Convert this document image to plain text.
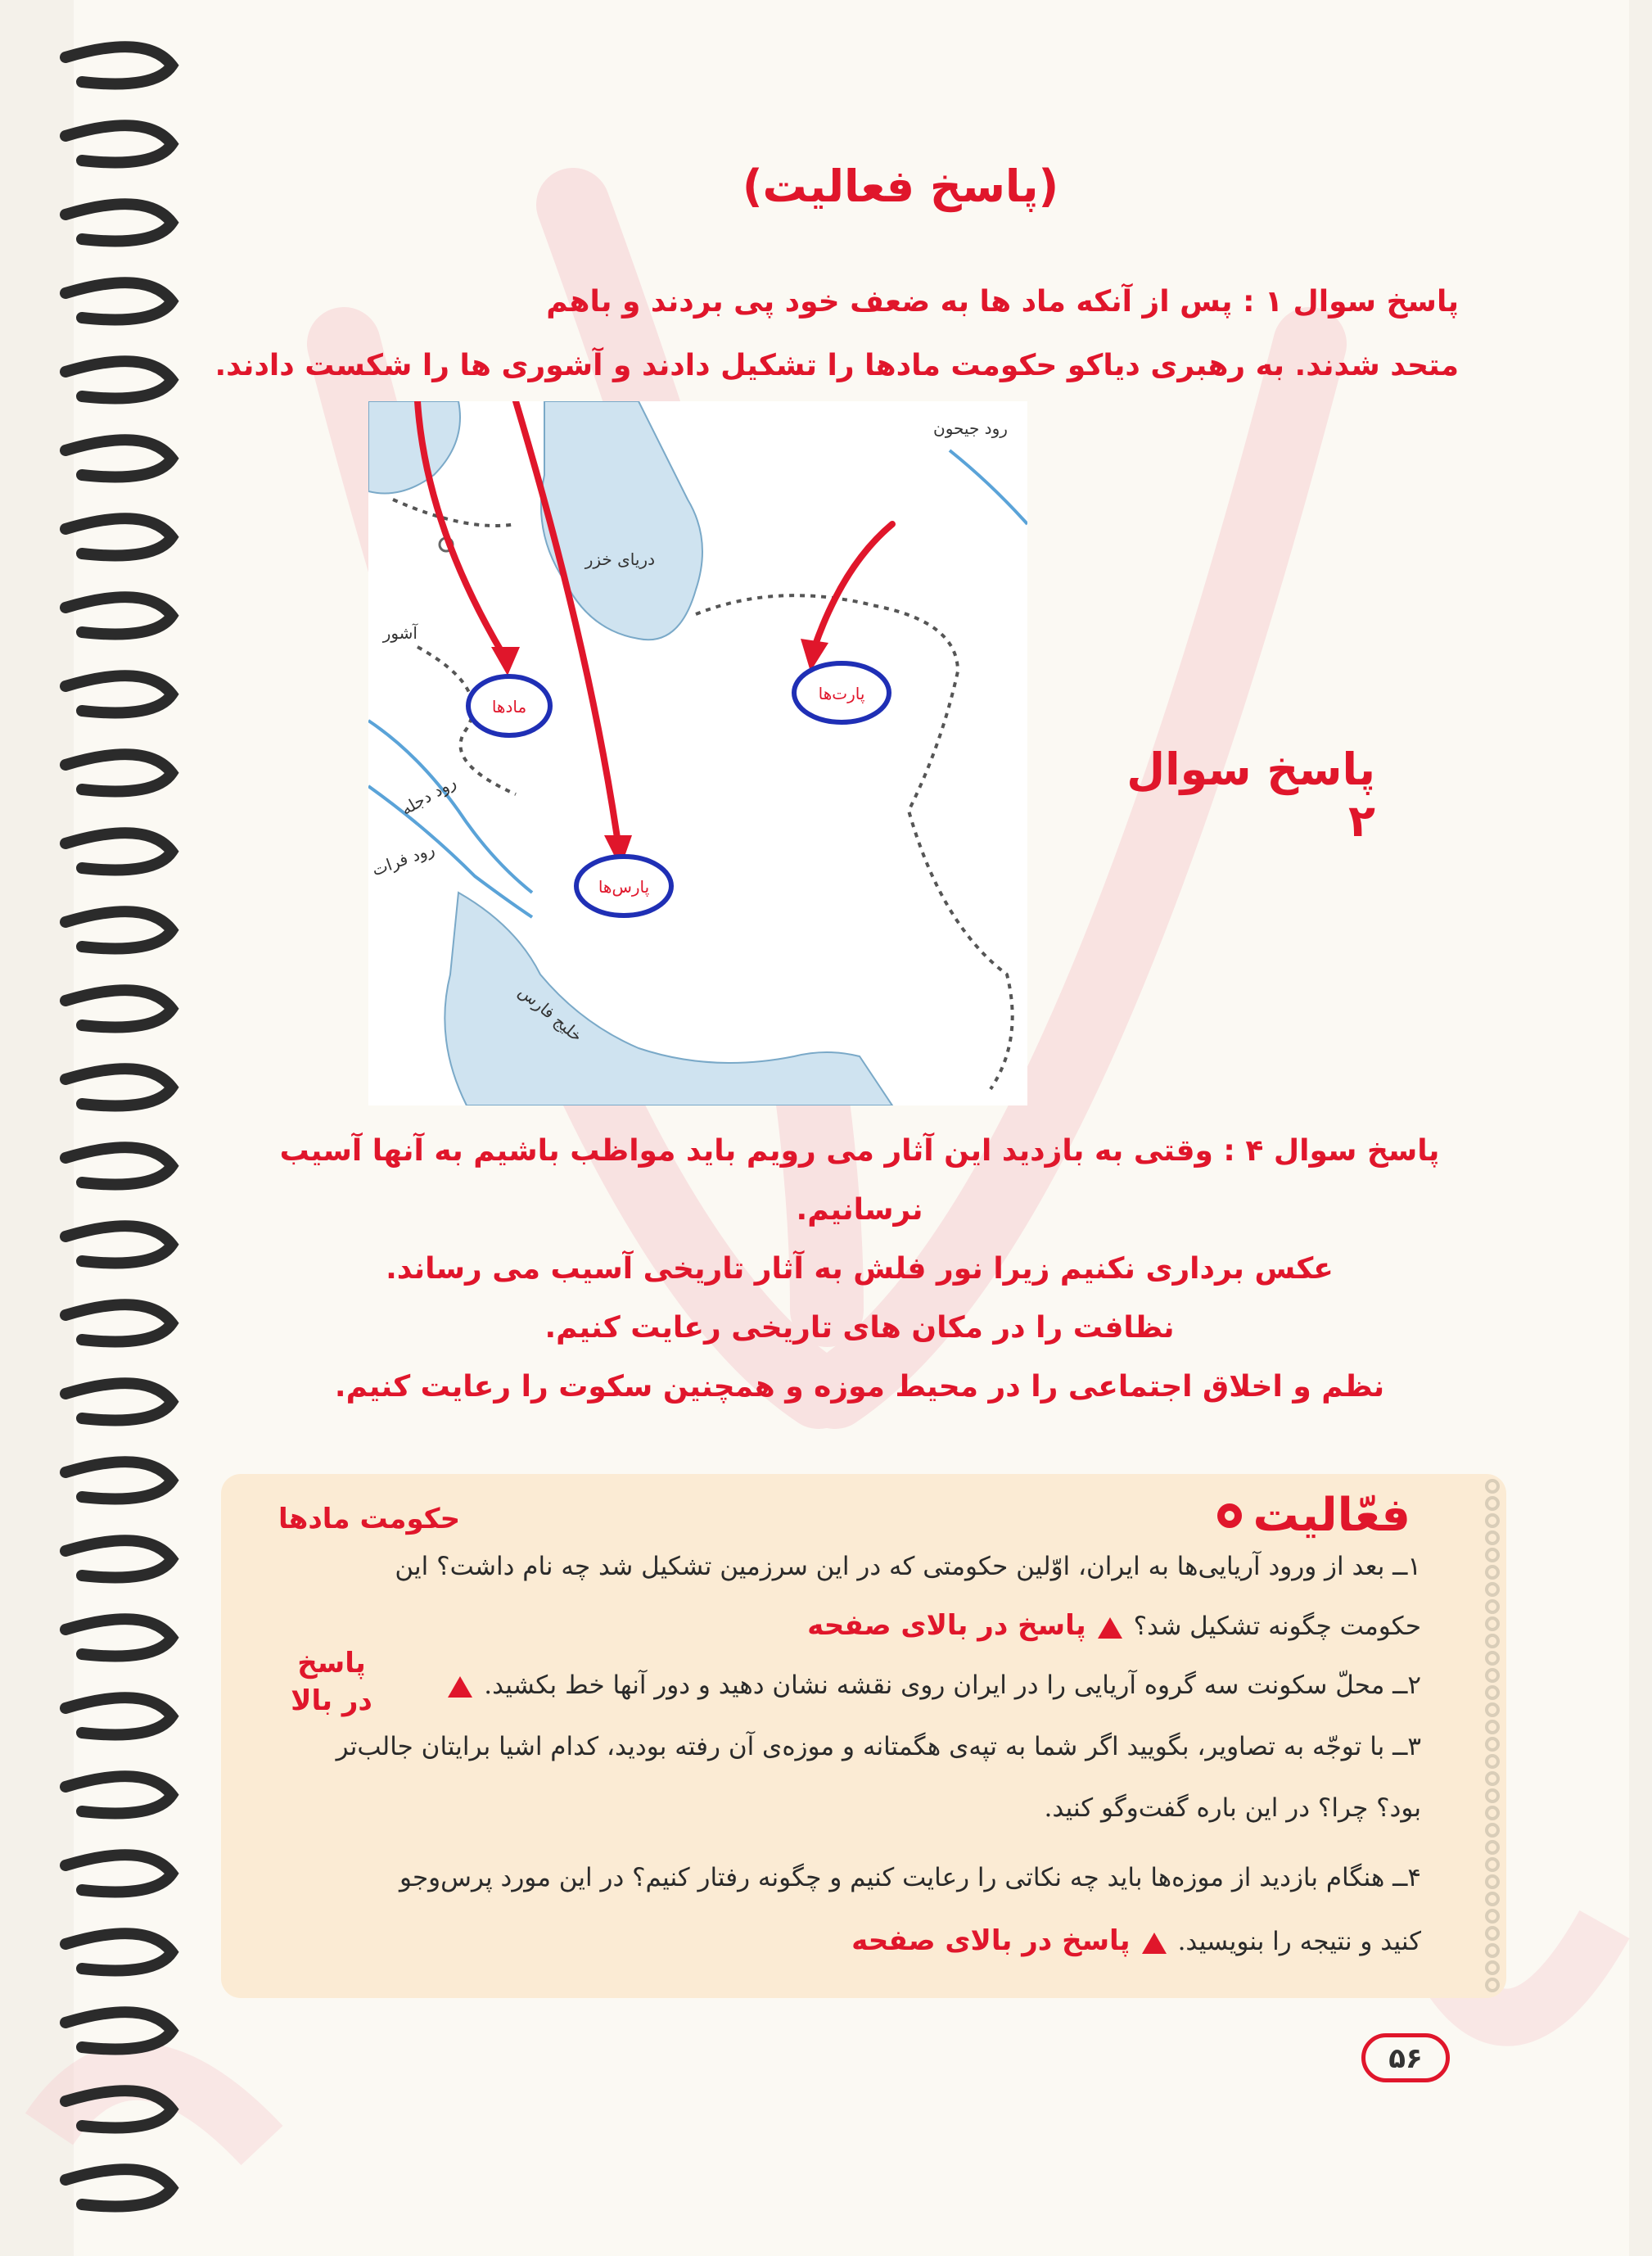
(پاسخ فعالیت)
پاسخ سوال ۱ : پس از آنکه ماد ها به ضعف خود پی بردند و باهم
متحد شدند. به رهبری دیاکو حکومت مادها را تشکیل دادند و آشوری ها را شکست دادند.
رود جیحون
دریای خزر
آشور
رود دجله
رود فرات
خلیج فارس
مادها
پارت‌ها
پارس‌ها
پاسخ سوال ۲
پاسخ سوال ۴ : وقتی به بازدید این آثار می رویم باید مواظب باشیم به آنها آسیب نرسانیم.
عکس برداری نکنیم زیرا نور فلش به آثار تاریخی آسیب می رساند.
نظافت را در مکان های تاریخی رعایت کنیم.
نظم و اخلاق اجتماعی را در محیط موزه و همچنین سکوت را رعایت کنیم.
فعّالیت
حکومت مادها
۱ــ بعد از ورود آریایی‌ها به ایران، اوّلین حکومتی که در این سرزمین تشکیل شد چه نام داشت؟ این
حکومت چگونه تشکیل شد؟پاسخ در بالای صفحه
۲ــ محلّ سکونت سه گروه آریایی را در ایران روی نقشه نشان دهید و دور آنها خط بکشید.
پاسخ در بالا
۳ــ با توجّه به تصاویر، بگویید اگر شما به تپه‌ی هگمتانه و موزه‌ی آن رفته بودید، کدام اشیا برایتان جالب‌تر
بود؟ چرا؟ در این باره گفت‌وگو کنید.
۴ــ هنگام بازدید از موزه‌ها باید چه نکاتی را رعایت کنیم و چگونه رفتار کنیم؟ در این مورد پرس‌وجو
کنید و نتیجه را بنویسید.پاسخ در بالای صفحه
۵۶
